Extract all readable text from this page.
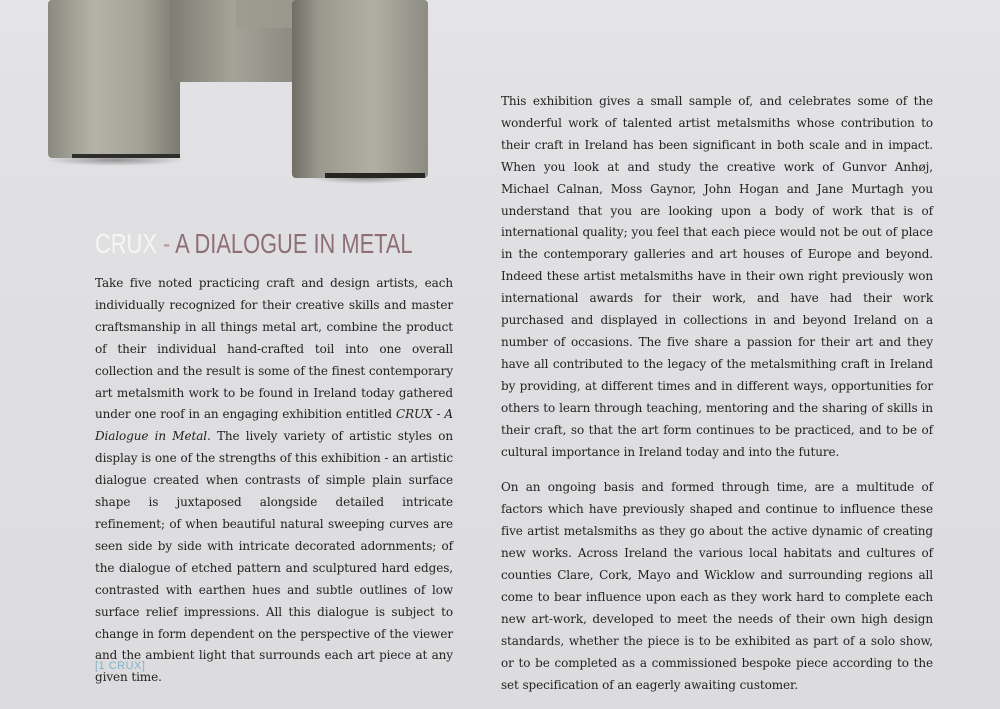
CRUX - A DIALOGUE IN METAL

Take five noted practicing craft and design artists, each individually recognized for their creative skills and master craftsmanship in all things metal art, combine the product of their individual hand-crafted toil into one overall collection and the result is some of the finest contemporary art metalsmith work to be found in Ireland today gathered under one roof in an engaging exhibition entitled CRUX - A Dialogue in Metal. The lively variety of artistic styles on display is one of the strengths of this exhibition - an artistic dialogue created when contrasts of simple plain surface shape is juxtaposed alongside detailed intricate refinement; of when beautiful natural sweeping curves are seen side by side with intricate decorated adornments; of the dialogue of etched pattern and sculptured hard edges, contrasted with earthen hues and subtle outlines of low surface relief impressions. All this dialogue is subject to change in form dependent on the perspective of the viewer and the ambient light that surrounds each art piece at any given time.

This exhibition gives a small sample of, and celebrates some of the wonderful work of talented artist metalsmiths whose contribution to their craft in Ireland has been significant in both scale and in impact. When you look at and study the creative work of Gunvor Anhøj, Michael Calnan, Moss Gaynor, John Hogan and Jane Murtagh you understand that you are looking upon a body of work that is of international quality; you feel that each piece would not be out of place in the contemporary galleries and art houses of Europe and beyond. Indeed these artist metalsmiths have in their own right previously won international awards for their work, and have had their work purchased and displayed in collections in and beyond Ireland on a number of occasions. The five share a passion for their art and they have all contributed to the legacy of the metalsmithing craft in Ireland by providing, at different times and in different ways, opportunities for others to learn through teaching, mentoring and the sharing of skills in their craft, so that the art form continues to be practiced, and to be of cultural importance in Ireland today and into the future.

On an ongoing basis and formed through time, are a multitude of factors which have previously shaped and continue to influence these five artist metalsmiths as they go about the active dynamic of creating new works. Across Ireland the various local habitats and cultures of counties Clare, Cork, Mayo and Wicklow and surrounding regions all come to bear influence upon each as they work hard to complete each new art-work, developed to meet the needs of their own high design standards, whether the piece is to be exhibited as part of a solo show, or to be completed as a commissioned bespoke piece according to the set specification of an eagerly awaiting customer.

[1 CRUX]
